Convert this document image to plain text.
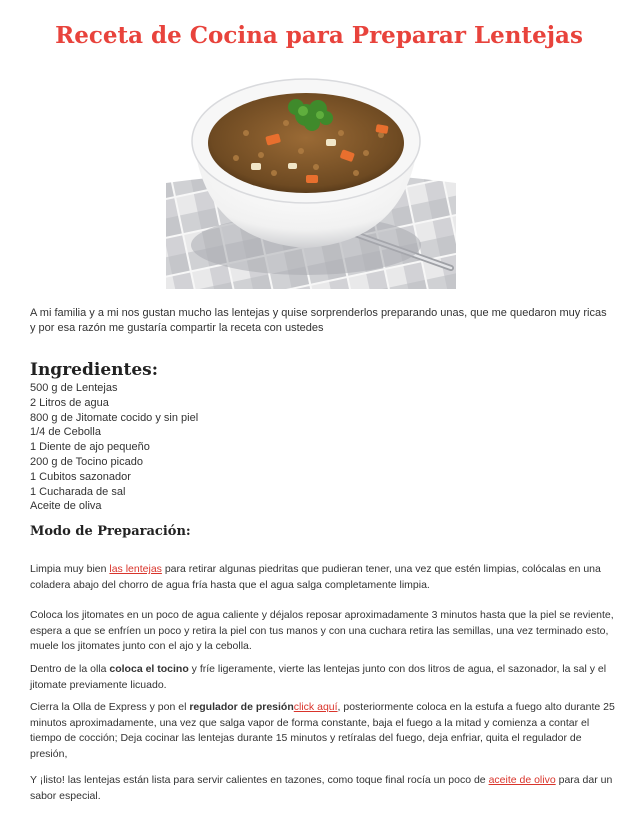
Receta de Cocina para Preparar Lentejas

A mi familia y a mi nos gustan mucho las lentejas y quise sorprenderlos preparando unas, que me quedaron muy ricas y por esa razón me gustaría compartir la receta con ustedes

Ingredientes:
500 g de Lentejas
2 Litros de agua
800 g de Jitomate cocido y sin piel
1/4 de Cebolla
1 Diente de ajo pequeño
200 g de Tocino picado
1 Cubitos sazonador
1 Cucharada de sal
Aceite de oliva
Modo de Preparación:

Limpia muy bien las lentejas para retirar algunas piedritas que pudieran tener, una vez que estén limpias, colócalas en una coladera abajo del chorro de agua fría hasta que el agua salga completamente limpia.

Coloca los jitomates en un poco de agua caliente y déjalos reposar aproximadamente 3 minutos hasta que la piel se reviente, espera a que se enfríen un poco y retira la piel con tus manos y con una cuchara retira las semillas, una vez terminado esto, muele los jitomates junto con el ajo y la cebolla.

Dentro de la olla coloca el tocino y fríe ligeramente, vierte las lentejas junto con dos litros de agua, el sazonador, la sal y el jitomate previamente licuado.

Cierra la Olla de Express y pon el regulador de presiónclick aquí, posteriormente coloca en la estufa a fuego alto durante 25 minutos aproximadamente, una vez que salga vapor de forma constante, baja el fuego a la mitad y comienza a contar el tiempo de cocción; Deja cocinar las lentejas durante 15 minutos y retíralas del fuego, deja enfriar, quita el regulador de presión,

Y ¡listo! las lentejas están lista para servir calientes en tazones, como toque final rocía un poco de aceite de olivo para dar un sabor especial.
